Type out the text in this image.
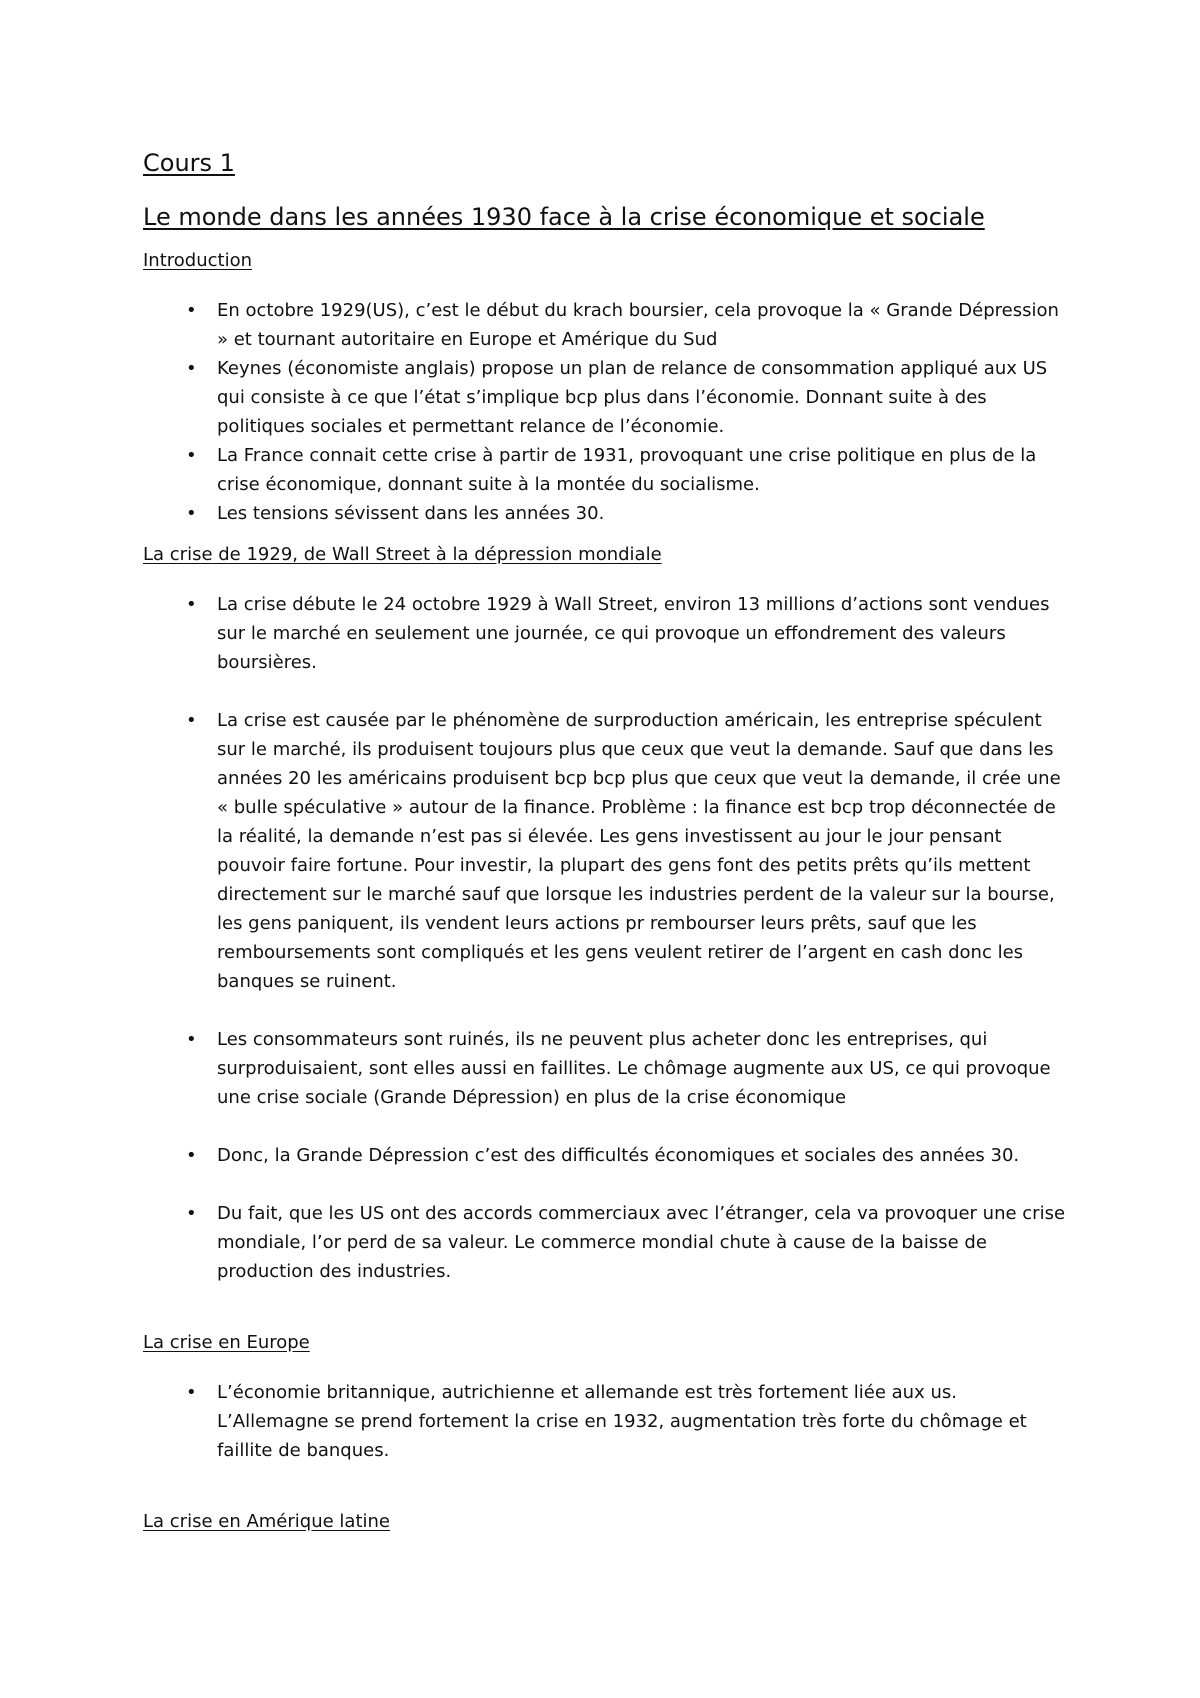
Cours 1
Le monde dans les années 1930 face à la crise économique et sociale
Introduction
• En octobre 1929(US), c’est le début du krach boursier, cela provoque la « Grande Dépression » et tournant autoritaire en Europe et Amérique du Sud
• Keynes (économiste anglais) propose un plan de relance de consommation appliqué aux US qui consiste à ce que l’état s’implique bcp plus dans l’économie. Donnant suite à des politiques sociales et permettant relance de l’économie.
• La France connait cette crise à partir de 1931, provoquant une crise politique en plus de la crise économique, donnant suite à la montée du socialisme.
• Les tensions sévissent dans les années 30.
La crise de 1929, de Wall Street à la dépression mondiale
• La crise débute le 24 octobre 1929 à Wall Street, environ 13 millions d’actions sont vendues sur le marché en seulement une journée, ce qui provoque un effondrement des valeurs boursières.
• La crise est causée par le phénomène de surproduction américain, les entreprise spéculent sur le marché, ils produisent toujours plus que ceux que veut la demande. Sauf que dans les années 20 les américains produisent bcp bcp plus que ceux que veut la demande, il crée une « bulle spéculative » autour de la finance. Problème : la finance est bcp trop déconnectée de la réalité, la demande n’est pas si élevée. Les gens investissent au jour le jour pensant pouvoir faire fortune. Pour investir, la plupart des gens font des petits prêts qu’ils mettent directement sur le marché sauf que lorsque les industries perdent de la valeur sur la bourse, les gens paniquent, ils vendent leurs actions pr rembourser leurs prêts, sauf que les remboursements sont compliqués et les gens veulent retirer de l’argent en cash donc les banques se ruinent.
• Les consommateurs sont ruinés, ils ne peuvent plus acheter donc les entreprises, qui surproduisaient, sont elles aussi en faillites. Le chômage augmente aux US, ce qui provoque une crise sociale (Grande Dépression) en plus de la crise économique
• Donc, la Grande Dépression c’est des difficultés économiques et sociales des années 30.
• Du fait, que les US ont des accords commerciaux avec l’étranger, cela va provoquer une crise mondiale, l’or perd de sa valeur. Le commerce mondial chute à cause de la baisse de production des industries.
La crise en Europe
• L’économie britannique, autrichienne et allemande est très fortement liée aux us. L’Allemagne se prend fortement la crise en 1932, augmentation très forte du chômage et faillite de banques.
La crise en Amérique latine
